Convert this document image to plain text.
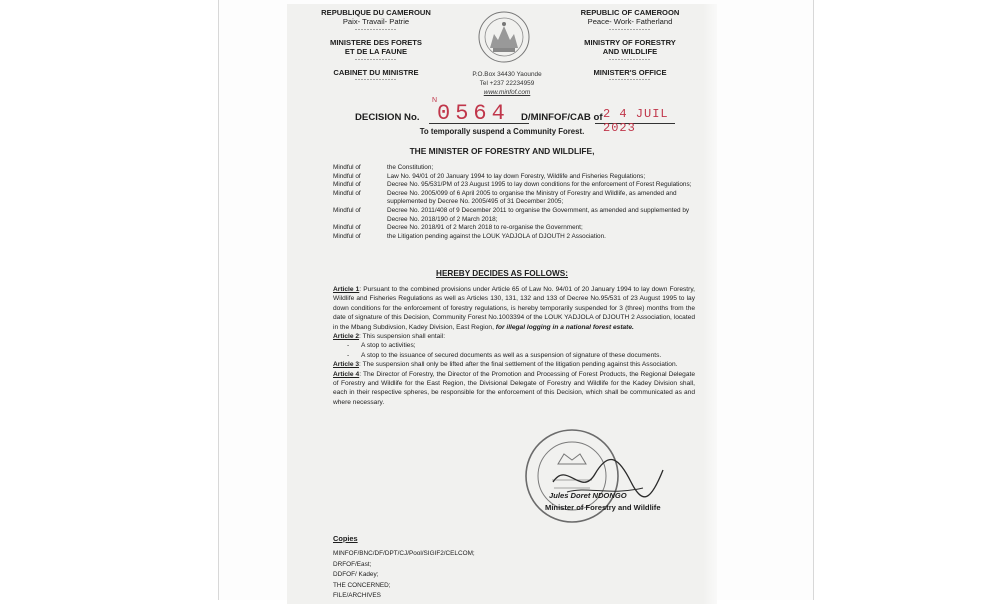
REPUBLIQUE DU CAMEROUN
Paix- Travail- Patrie
--------------
MINISTERE DES FORETS
ET DE LA FAUNE
--------------
CABINET DU MINISTRE
--------------
REPUBLIC OF CAMEROON
Peace- Work- Fatherland
--------------
MINISTRY OF FORESTRY
AND WILDLIFE
--------------
MINISTER'S OFFICE
--------------
P.O.Box 34430 Yaounde
Tel +237 22234959
www.minfof.com
DECISION No.
N
0564 D/MINFOF/CAB of 2 4 JUIL 2023
To temporally suspend a Community Forest.
THE MINISTER OF FORESTRY AND WILDLIFE,
Mindful of	the Constitution;
Mindful of	Law No. 94/01 of 20 January 1994 to lay down Forestry, Wildlife and Fisheries Regulations;
Mindful of	Decree No. 95/531/PM of 23 August 1995 to lay down conditions for the enforcement of Forest Regulations;
Mindful of	Decree No. 2005/099 of 6 April 2005 to organise the Ministry of Forestry and Wildlife, as amended and supplemented by Decree No. 2005/495 of 31 December 2005;
Mindful of	Decree No. 2011/408 of 9 December 2011 to organise the Government, as amended and supplemented by Decree No. 2018/190 of 2 March 2018;
Mindful of	Decree No. 2018/91 of 2 March 2018 to re-organise the Government;
Mindful of	the Litigation pending against the LOUK YADJOLA of DJOUTH 2 Association.
HEREBY DECIDES AS FOLLOWS:

Article 1: Pursuant to the combined provisions under Article 65 of Law No. 94/01 of 20 January 1994 to lay down Forestry, Wildlife and Fisheries Regulations as well as Articles 130, 131, 132 and 133 of Decree No.95/531 of 23 August 1995 to lay down conditions for the enforcement of forestry regulations, is hereby temporarily suspended for 3 (three) months from the date of signature of this Decision, Community Forest No.1003394 of the LOUK YADJOLA of DJOUTH 2 Association, located in the Mbang Subdivsion, Kadey Division, East Region, for illegal logging in a national forest estate.

Article 2: This suspension shall entail:

- A stop to activities;

- A stop to the issuance of secured documents as well as a suspension of signature of these documents.

Article 3: The suspension shall only be lifted after the final settlement of the litigation pending against this Association.

Article 4: The Director of Forestry, the Director of the Promotion and Processing of Forest Products, the Regional Delegate of Forestry and Wildlife for the East Region, the Divisional Delegate of Forestry and Wildlife for the Kadey Division shall, each in their respective spheres, be responsible for the enforcement of this Decision, which shall be communicated as and where necessary.

Jules Doret NDONGO
Minister of Forestry and Wildlife
Copies
MINFOF/BNC/DF/DPT/CJ/Pool/SIGIF2/CELCOM;
DRFOF/East;
DDFOF/ Kadey;
THE CONCERNED;
FILE/ARCHIVES
